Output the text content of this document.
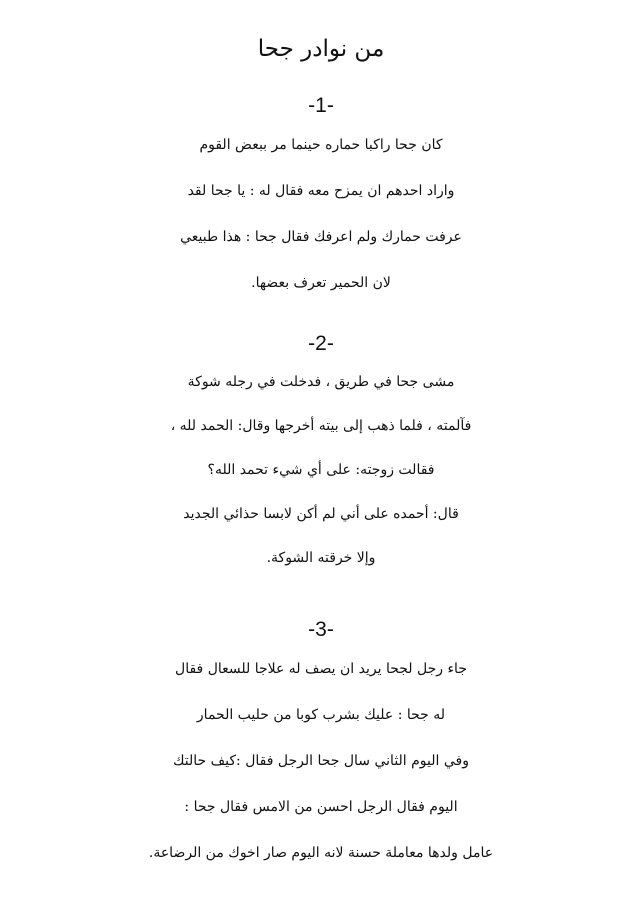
من نوادر جحا
-1-
كان جحا راكبا حماره حينما مر ببعض القوم
واراد احدهم ان يمزح معه فقال له : يا جحا لقد
عرفت حمارك ولم اعرفك فقال جحا : هذا طبيعي
لان الحمير تعرف بعضها.
-2-
مشى جحا في طريق ، فدخلت في رجله شوكة
فآلمته ، فلما ذهب إلى بيته أخرجها وقال: الحمد لله ،
فقالت زوجته: على أي شيء تحمد الله؟
قال: أحمده على أني لم أكن لابسا حذائي الجديد
وإلا خرقته الشوكة.
-3-
جاء رجل لجحا يريد ان يصف له علاجا للسعال فقال
له جحا : عليك بشرب كوبا من حليب الحمار
وفي اليوم الثاني سال جحا الرجل فقال :كيف حالتك
اليوم فقال الرجل احسن من الامس فقال جحا :
عامل ولدها معاملة حسنة لانه اليوم صار اخوك من الرضاعة.
